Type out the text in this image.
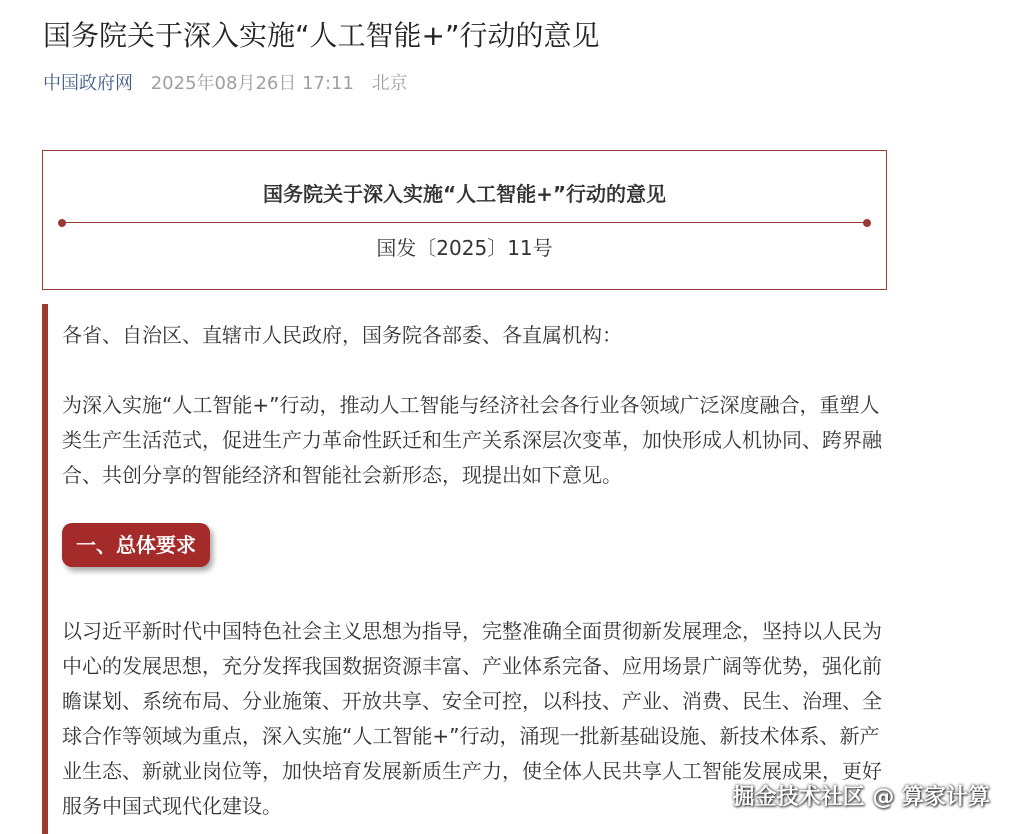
国务院关于深入实施“人工智能+”行动的意见
中国政府网 2025年08月26日 17:11 北京
国务院关于深入实施“人工智能+”行动的意见
国发〔2025〕11号

各省、自治区、直辖市人民政府，国务院各部委、各直属机构：

为深入实施“人工智能+”行动，推动人工智能与经济社会各行业各领域广泛深度融合，重塑人类生产生活范式，促进生产力革命性跃迁和生产关系深层次变革，加快形成人机协同、跨界融合、共创分享的智能经济和智能社会新形态，现提出如下意见。

一、总体要求

以习近平新时代中国特色社会主义思想为指导，完整准确全面贯彻新发展理念，坚持以人民为中心的发展思想，充分发挥我国数据资源丰富、产业体系完备、应用场景广阔等优势，强化前瞻谋划、系统布局、分业施策、开放共享、安全可控，以科技、产业、消费、民生、治理、全球合作等领域为重点，深入实施“人工智能+”行动，涌现一批新基础设施、新技术体系、新产业生态、新就业岗位等，加快培育发展新质生产力，使全体人民共享人工智能发展成果，更好服务中国式现代化建设。	掘金技术社区 @ 算家计算
